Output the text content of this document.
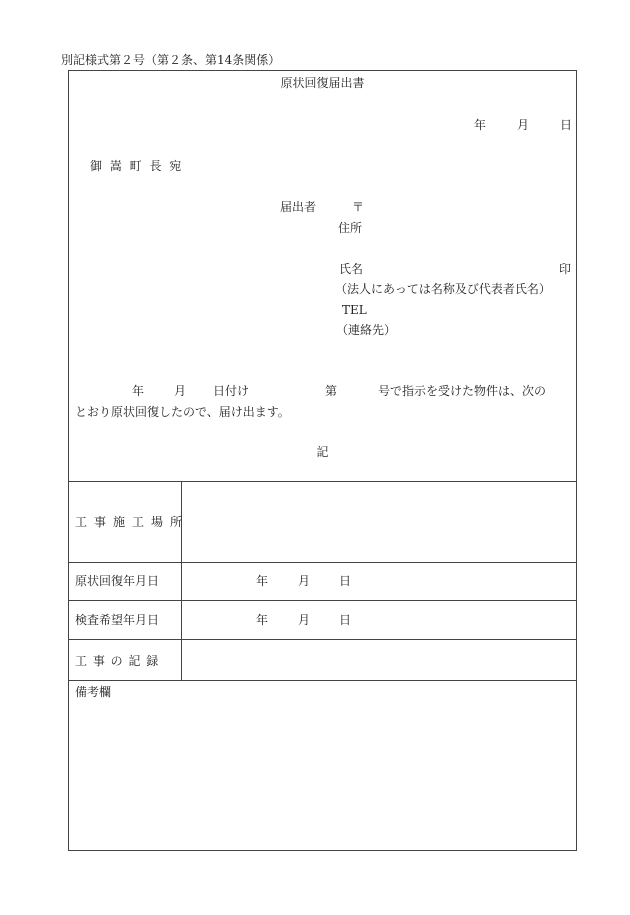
別記様式第２号（第２条、第14条関係）
原状回復届出書
年	月	日
御 嵩 町 長 宛
届出者	〒
住所
氏名	印
（法人にあっては名称及び代表者氏名）
TEL
（連絡先）
年 月 日付け	第	号で指示を受けた物件は、次の
とおり原状回復したので、届け出ます。
記
工事施工場所
原状回復年月日	年 月 日
検査希望年月日	年 月 日
工 事 の 記 録
備考欄
